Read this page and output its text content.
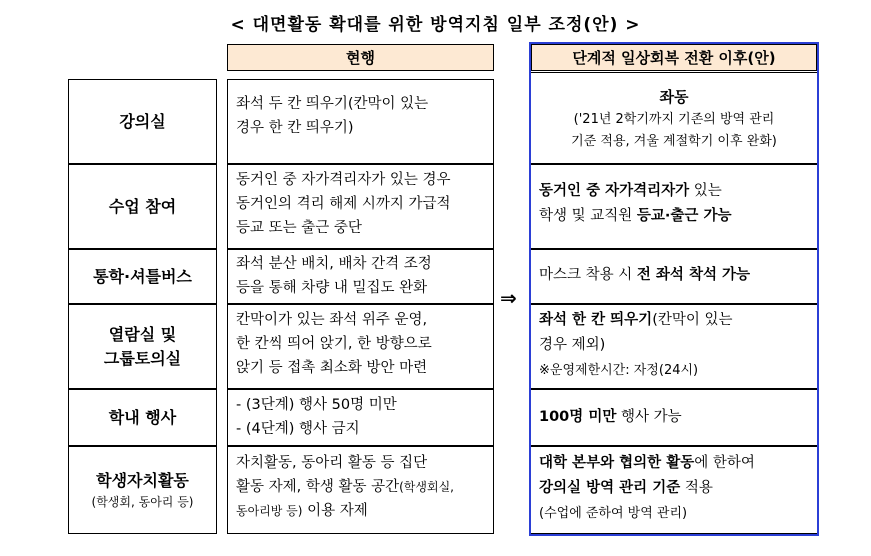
< 대면활동 확대를 위한 방역지침 일부 조정(안) >
현행	단계적 일상회복 전환 이후(안)
강의실
좌석 두 칸 띄우기(칸막이 있는
경우 한 칸 띄우기)
좌동
('21년 2학기까지 기존의 방역 관리
기준 적용, 겨울 계절학기 이후 완화)
수업 참여
동거인 중 자가격리자가 있는 경우
동거인의 격리 해제 시까지 가급적
등교 또는 출근 중단
동거인 중 자가격리자가 있는
학생 및 교직원 등교·출근 가능
통학·셔틀버스
좌석 분산 배치, 배차 간격 조정
등을 통해 차량 내 밀집도 완화
마스크 착용 시 전 좌석 착석 가능
열람실 및
그룹토의실
칸막이가 있는 좌석 위주 운영,
한 칸씩 띄어 앉기, 한 방향으로
앉기 등 접촉 최소화 방안 마련
좌석 한 칸 띄우기(칸막이 있는
경우 제외)
※운영제한시간: 자정(24시)
학내 행사
- (3단계) 행사 50명 미만
- (4단계) 행사 금지
100명 미만 행사 가능
학생자치활동
(학생회, 동아리 등)
자치활동, 동아리 활동 등 집단
활동 자제, 학생 활동 공간(학생회실,
동아리방 등) 이용 자제
대학 본부와 협의한 활동에 한하여
강의실 방역 관리 기준 적용
(수업에 준하여 방역 관리)
⇒
